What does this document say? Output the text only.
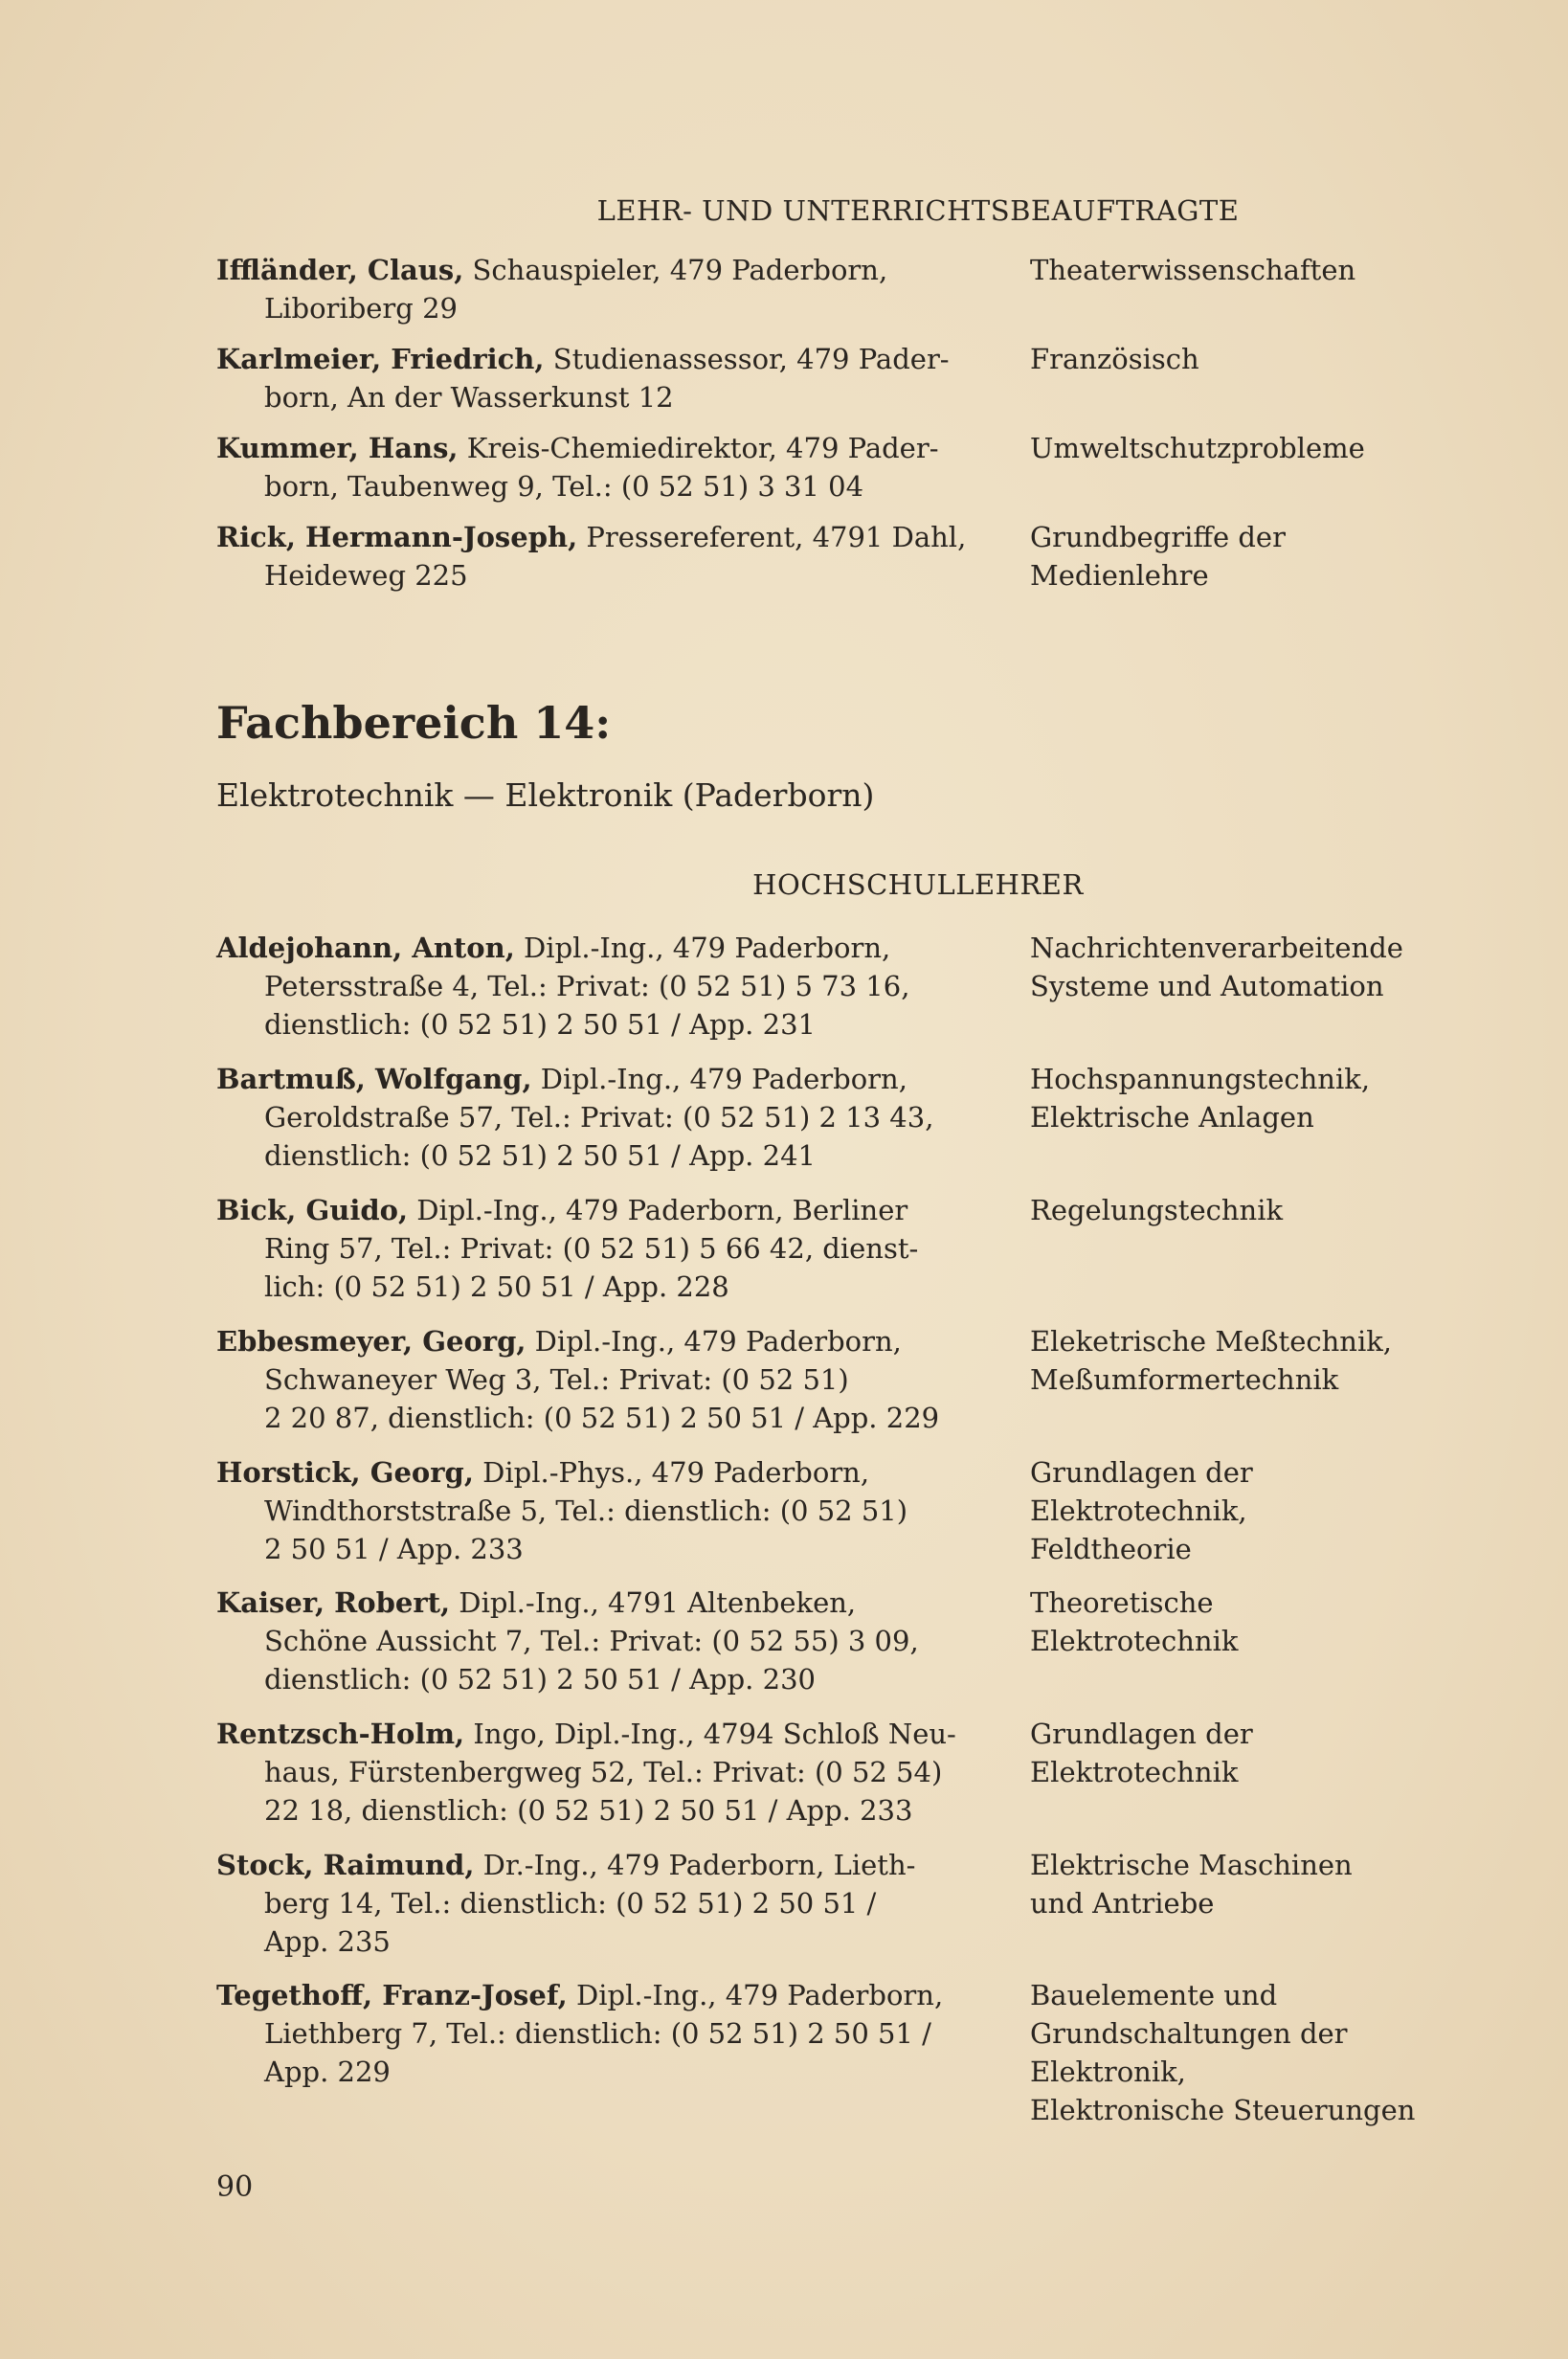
LEHR- UND UNTERRICHTSBEAUFTRAGTE
Iffländer, Claus, Schauspieler, 479 Paderborn,
Liboriberg 29
Theaterwissenschaften
Karlmeier, Friedrich, Studienassessor, 479 Pader-
born, An der Wasserkunst 12
Französisch
Kummer, Hans, Kreis-Chemiedirektor, 479 Pader-
born, Taubenweg 9, Tel.: (0 52 51) 3 31 04
Umweltschutzprobleme
Rick, Hermann-Joseph, Pressereferent, 4791 Dahl,
Heideweg 225
Grundbegriffe der
Medienlehre
Fachbereich 14:
Elektrotechnik — Elektronik (Paderborn)
HOCHSCHULLEHRER
Aldejohann, Anton, Dipl.-Ing., 479 Paderborn,
Petersstraße 4, Tel.: Privat: (0 52 51) 5 73 16,
dienstlich: (0 52 51) 2 50 51 / App. 231
Nachrichtenverarbeitende
Systeme und Automation
Bartmuß, Wolfgang, Dipl.-Ing., 479 Paderborn,
Geroldstraße 57, Tel.: Privat: (0 52 51) 2 13 43,
dienstlich: (0 52 51) 2 50 51 / App. 241
Hochspannungstechnik,
Elektrische Anlagen
Bick, Guido, Dipl.-Ing., 479 Paderborn, Berliner
Ring 57, Tel.: Privat: (0 52 51) 5 66 42, dienst-
lich: (0 52 51) 2 50 51 / App. 228
Regelungstechnik
Ebbesmeyer, Georg, Dipl.-Ing., 479 Paderborn,
Schwaneyer Weg 3, Tel.: Privat: (0 52 51)
2 20 87, dienstlich: (0 52 51) 2 50 51 / App. 229
Eleketrische Meßtechnik,
Meßumformertechnik
Horstick, Georg, Dipl.-Phys., 479 Paderborn,
Windthorststraße 5, Tel.: dienstlich: (0 52 51)
2 50 51 / App. 233
Grundlagen der
Elektrotechnik,
Feldtheorie
Kaiser, Robert, Dipl.-Ing., 4791 Altenbeken,
Schöne Aussicht 7, Tel.: Privat: (0 52 55) 3 09,
dienstlich: (0 52 51) 2 50 51 / App. 230
Theoretische
Elektrotechnik
Rentzsch-Holm, Ingo, Dipl.-Ing., 4794 Schloß Neu-
haus, Fürstenbergweg 52, Tel.: Privat: (0 52 54)
22 18, dienstlich: (0 52 51) 2 50 51 / App. 233
Grundlagen der
Elektrotechnik
Stock, Raimund, Dr.-Ing., 479 Paderborn, Lieth-
berg 14, Tel.: dienstlich: (0 52 51) 2 50 51 /
App. 235
Elektrische Maschinen
und Antriebe
Tegethoff, Franz-Josef, Dipl.-Ing., 479 Paderborn,
Liethberg 7, Tel.: dienstlich: (0 52 51) 2 50 51 /
App. 229
Bauelemente und
Grundschaltungen der
Elektronik,
Elektronische Steuerungen
90
